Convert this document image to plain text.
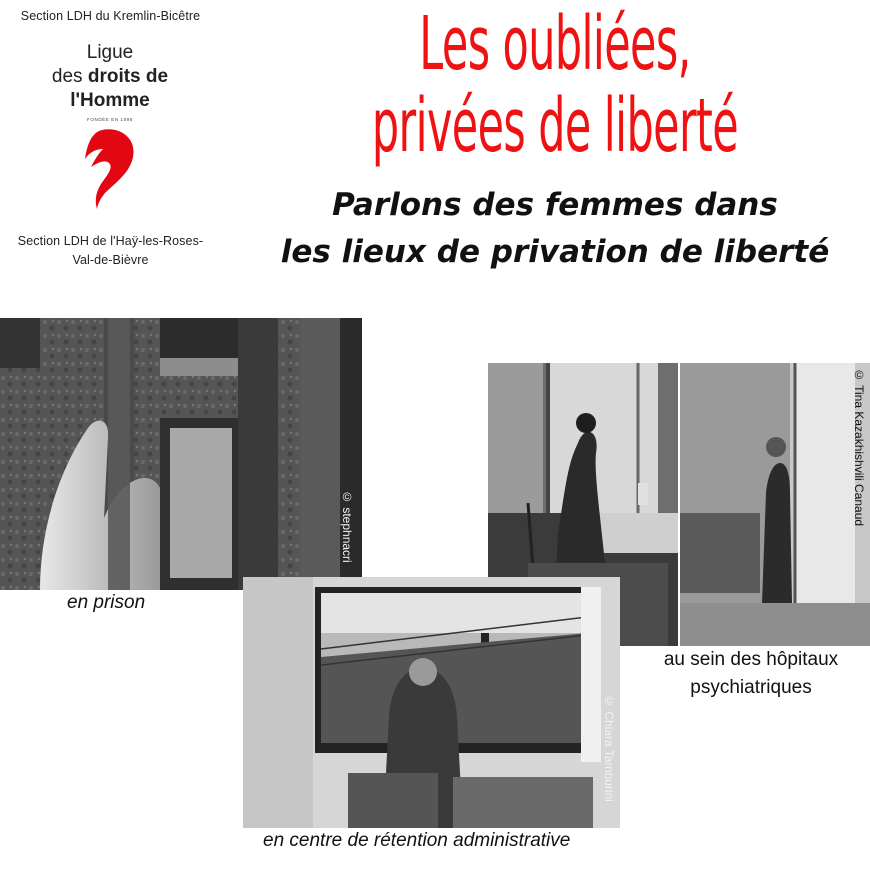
Section LDH du Kremlin-Bicêtre
Ligue
des droits de
l'Homme
FONDÉE EN 1898
Section LDH de l'Haÿ-les-Roses-
Val-de-Bièvre
Les oubliées,
privées de liberté
Parlons des femmes dans
les lieux de privation de liberté
© stephnacri
en prison
© Tina Kazakhishvili Canaud
au sein des hôpitaux
psychiatriques
© Chiara Tamburini
en centre de rétention administrative
